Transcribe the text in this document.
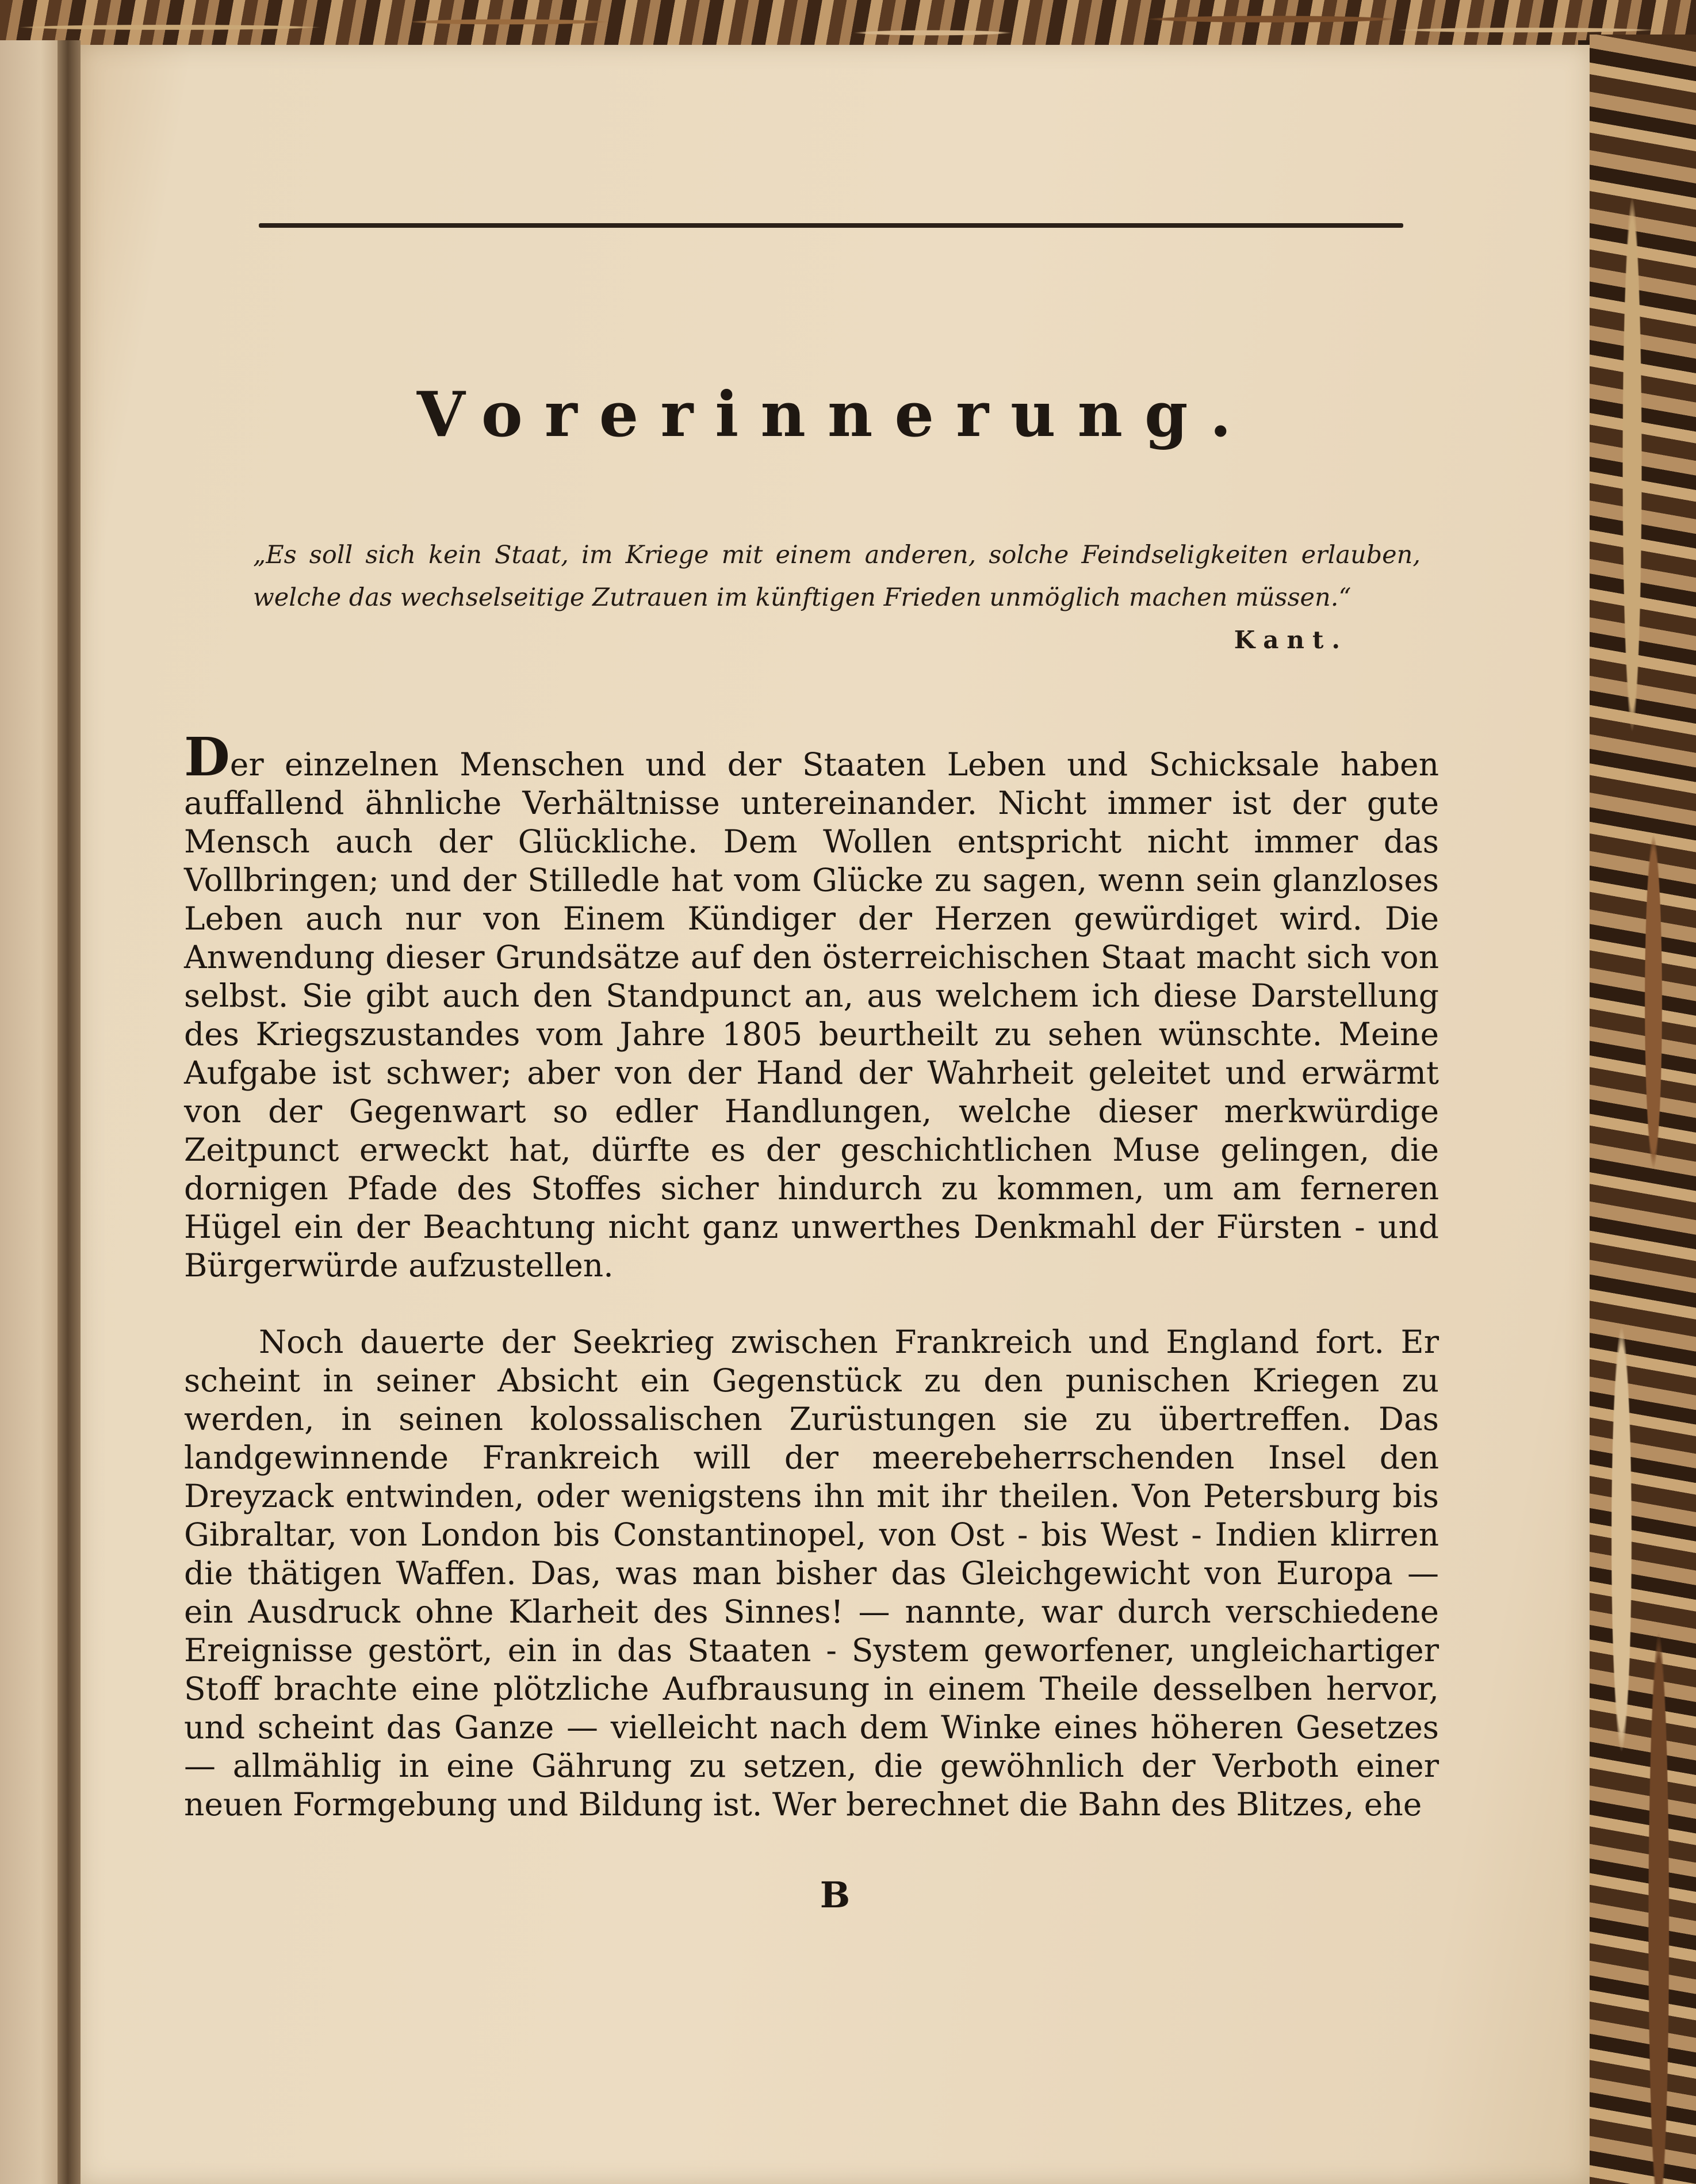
Vorerinnerung.

„Es soll sich kein Staat, im Kriege mit einem anderen, solche Feindseligkeiten erlauben, welche das wechselseitige Zutrauen im künftigen Frieden unmöglich machen müssen.“

Kant.

Der einzelnen Menschen und der Staaten Leben und Schicksale haben auffallend ähnliche Verhältnisse untereinander. Nicht immer ist der gute Mensch auch der Glückliche. Dem Wollen entspricht nicht immer das Vollbringen; und der Stilledle hat vom Glücke zu sagen, wenn sein glanzloses Leben auch nur von Einem Kündiger der Herzen gewürdiget wird. Die Anwendung dieser Grundsätze auf den österreichischen Staat macht sich von selbst. Sie gibt auch den Standpunct an, aus welchem ich diese Darstellung des Kriegszustandes vom Jahre 1805 beurtheilt zu sehen wünschte. Meine Aufgabe ist schwer; aber von der Hand der Wahrheit geleitet und erwärmt von der Gegenwart so edler Handlungen, welche dieser merkwürdige Zeitpunct erweckt hat, dürfte es der geschichtlichen Muse gelingen, die dornigen Pfade des Stoffes sicher hindurch zu kommen, um am ferneren Hügel ein der Beachtung nicht ganz unwerthes Denkmahl der Fürsten - und Bürgerwürde aufzustellen.

Noch dauerte der Seekrieg zwischen Frankreich und England fort. Er scheint in seiner Absicht ein Gegenstück zu den punischen Kriegen zu werden, in seinen kolossalischen Zurüstungen sie zu übertreffen. Das landgewinnende Frankreich will der meerebeherrschenden Insel den Dreyzack entwinden, oder wenigstens ihn mit ihr theilen. Von Petersburg bis Gibraltar, von London bis Constantinopel, von Ost - bis West - Indien klirren die thätigen Waffen. Das, was man bisher das Gleichgewicht von Europa — ein Ausdruck ohne Klarheit des Sinnes! — nannte, war durch verschiedene Ereignisse gestört, ein in das Staaten - System geworfener, ungleichartiger Stoff brachte eine plötzliche Aufbrausung in einem Theile desselben hervor, und scheint das Ganze — vielleicht nach dem Winke eines höheren Gesetzes — allmählig in eine Gährung zu setzen, die gewöhnlich der Verboth einer neuen Formgebung und Bildung ist. Wer berechnet die Bahn des Blitzes, ehe

B
